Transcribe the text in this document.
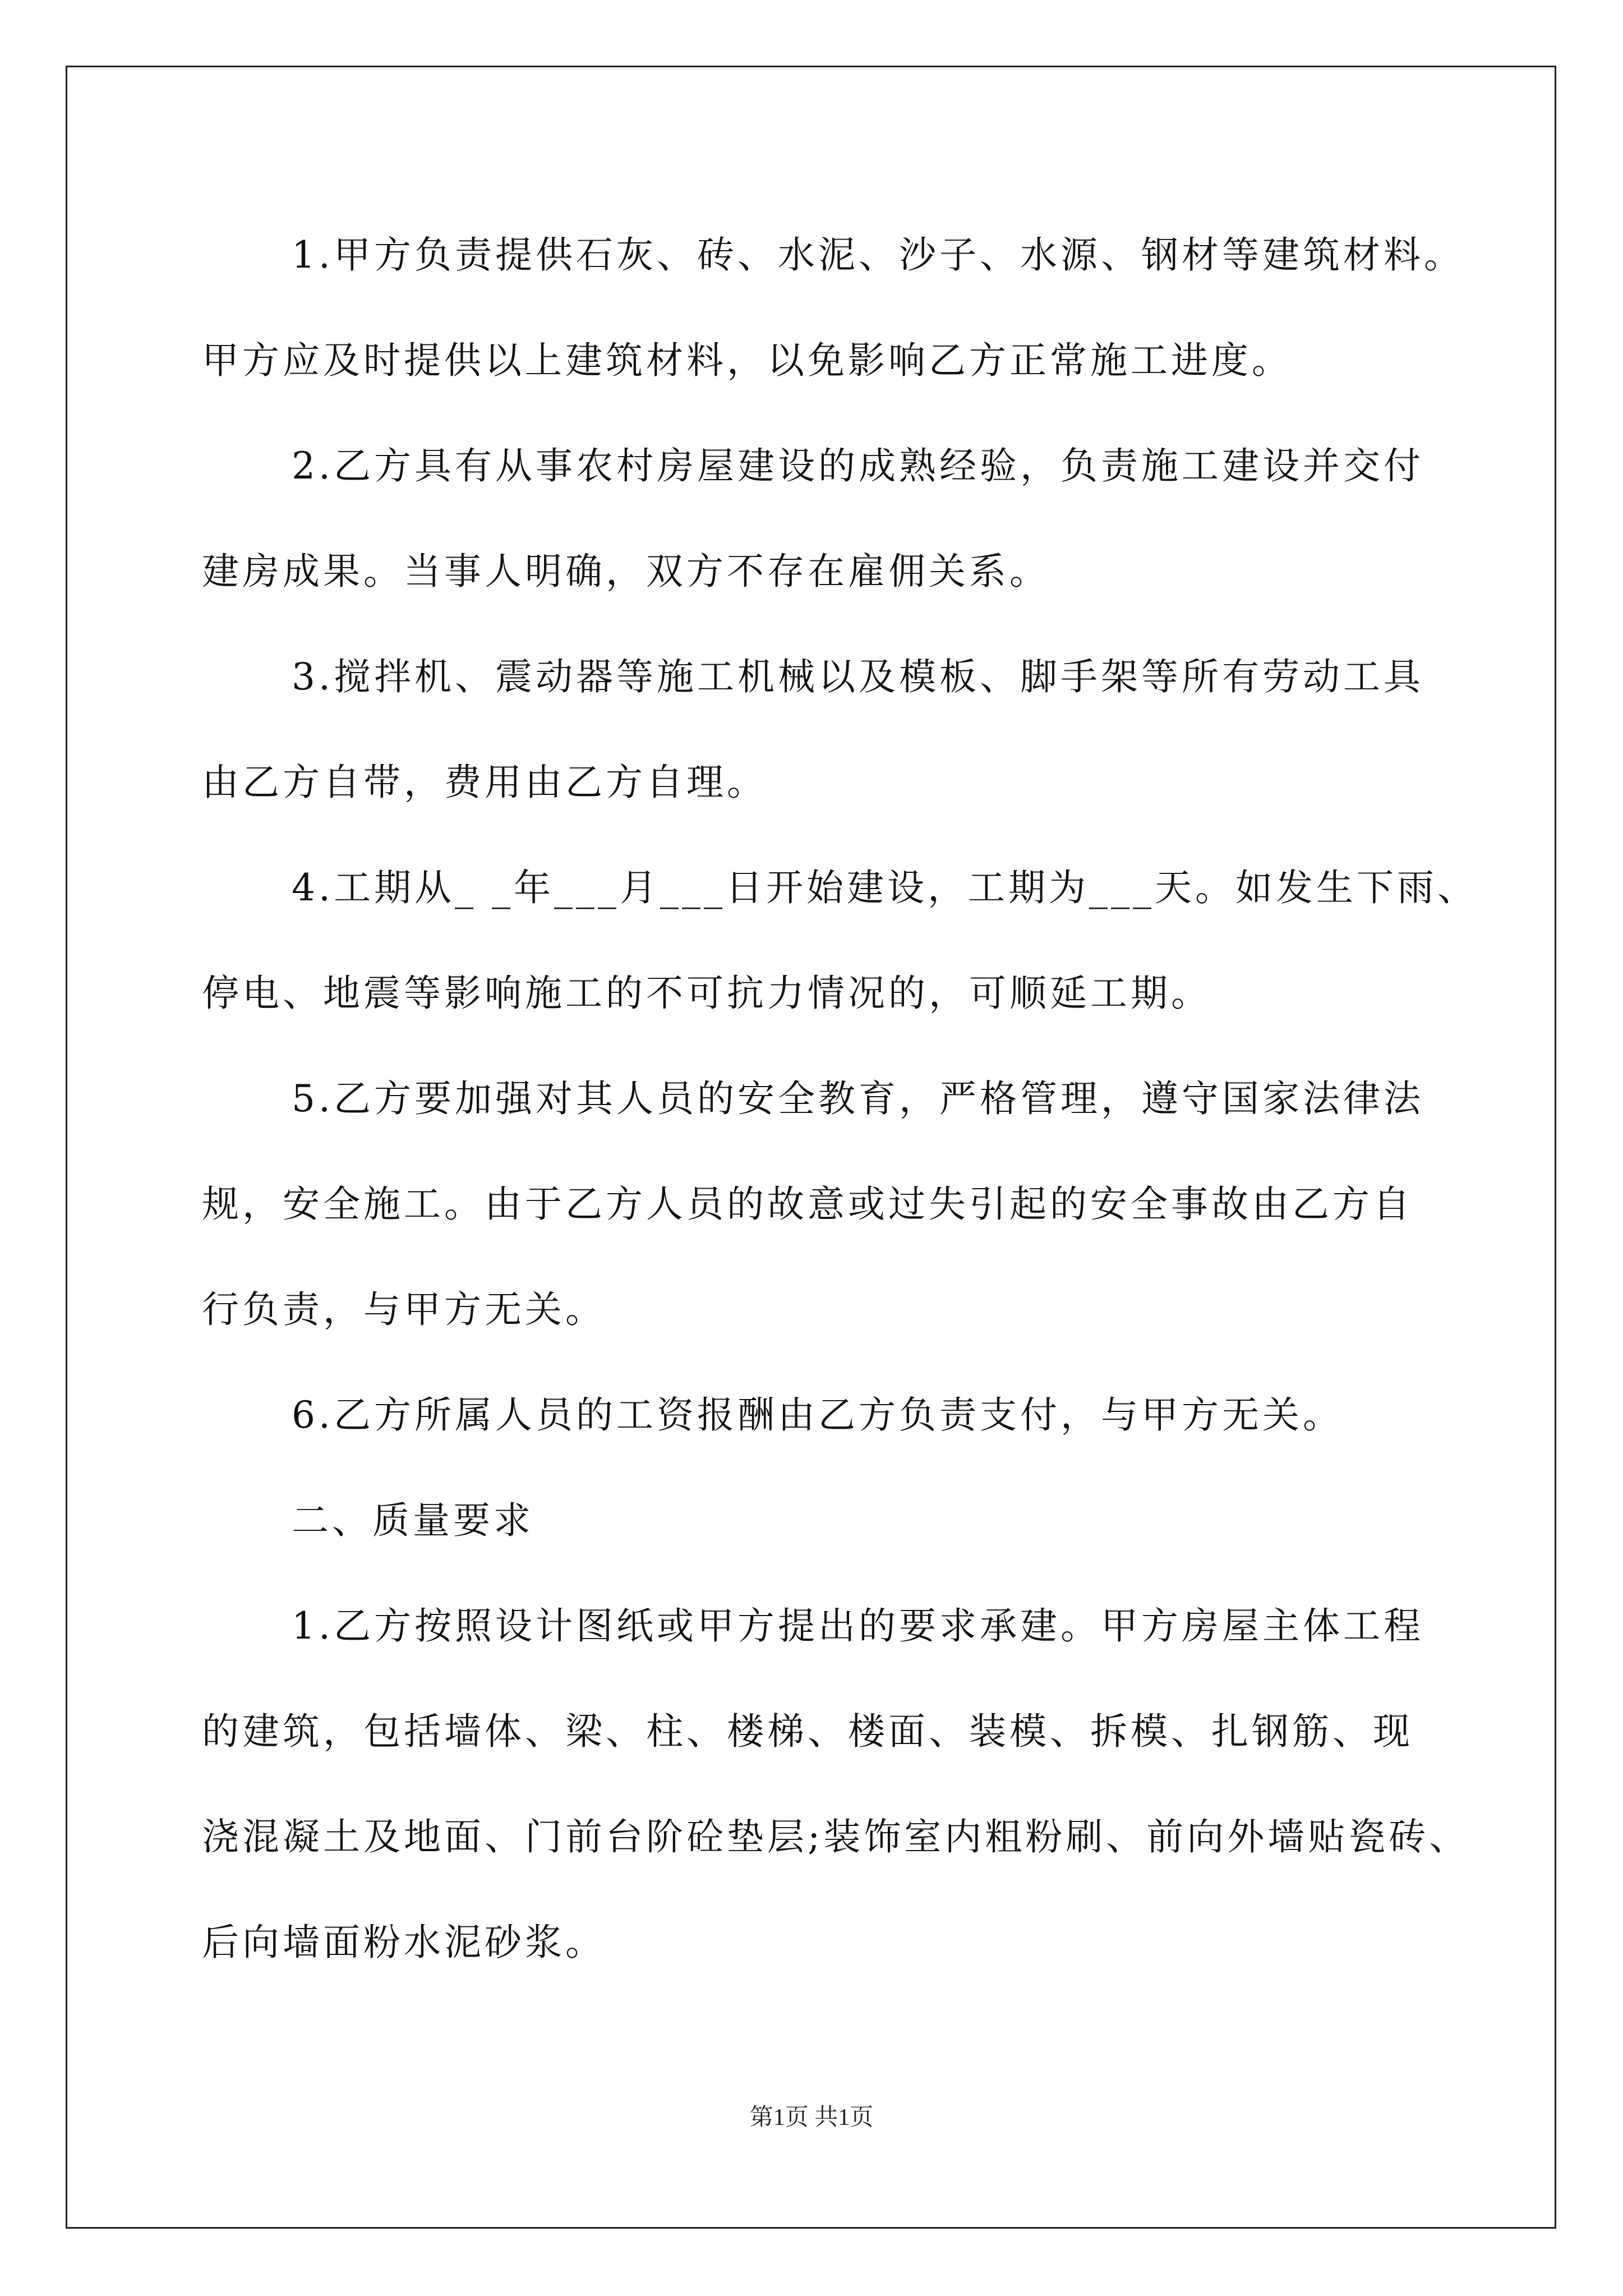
1.甲方负责提供石灰、砖、水泥、沙子、水源、钢材等建筑材料。
甲方应及时提供以上建筑材料，以免影响乙方正常施工进度。
2.乙方具有从事农村房屋建设的成熟经验，负责施工建设并交付
建房成果。当事人明确，双方不存在雇佣关系。
3.搅拌机、震动器等施工机械以及模板、脚手架等所有劳动工具
由乙方自带，费用由乙方自理。
4.工期从_ _年___月___日开始建设，工期为___天。如发生下雨、
停电、地震等影响施工的不可抗力情况的，可顺延工期。
5.乙方要加强对其人员的安全教育，严格管理，遵守国家法律法
规，安全施工。由于乙方人员的故意或过失引起的安全事故由乙方自
行负责，与甲方无关。
6.乙方所属人员的工资报酬由乙方负责支付，与甲方无关。
二、质量要求
1.乙方按照设计图纸或甲方提出的要求承建。甲方房屋主体工程
的建筑，包括墙体、梁、柱、楼梯、楼面、装模、拆模、扎钢筋、现
浇混凝土及地面、门前台阶砼垫层;装饰室内粗粉刷、前向外墙贴瓷砖、
后向墙面粉水泥砂浆。
第1页 共1页
